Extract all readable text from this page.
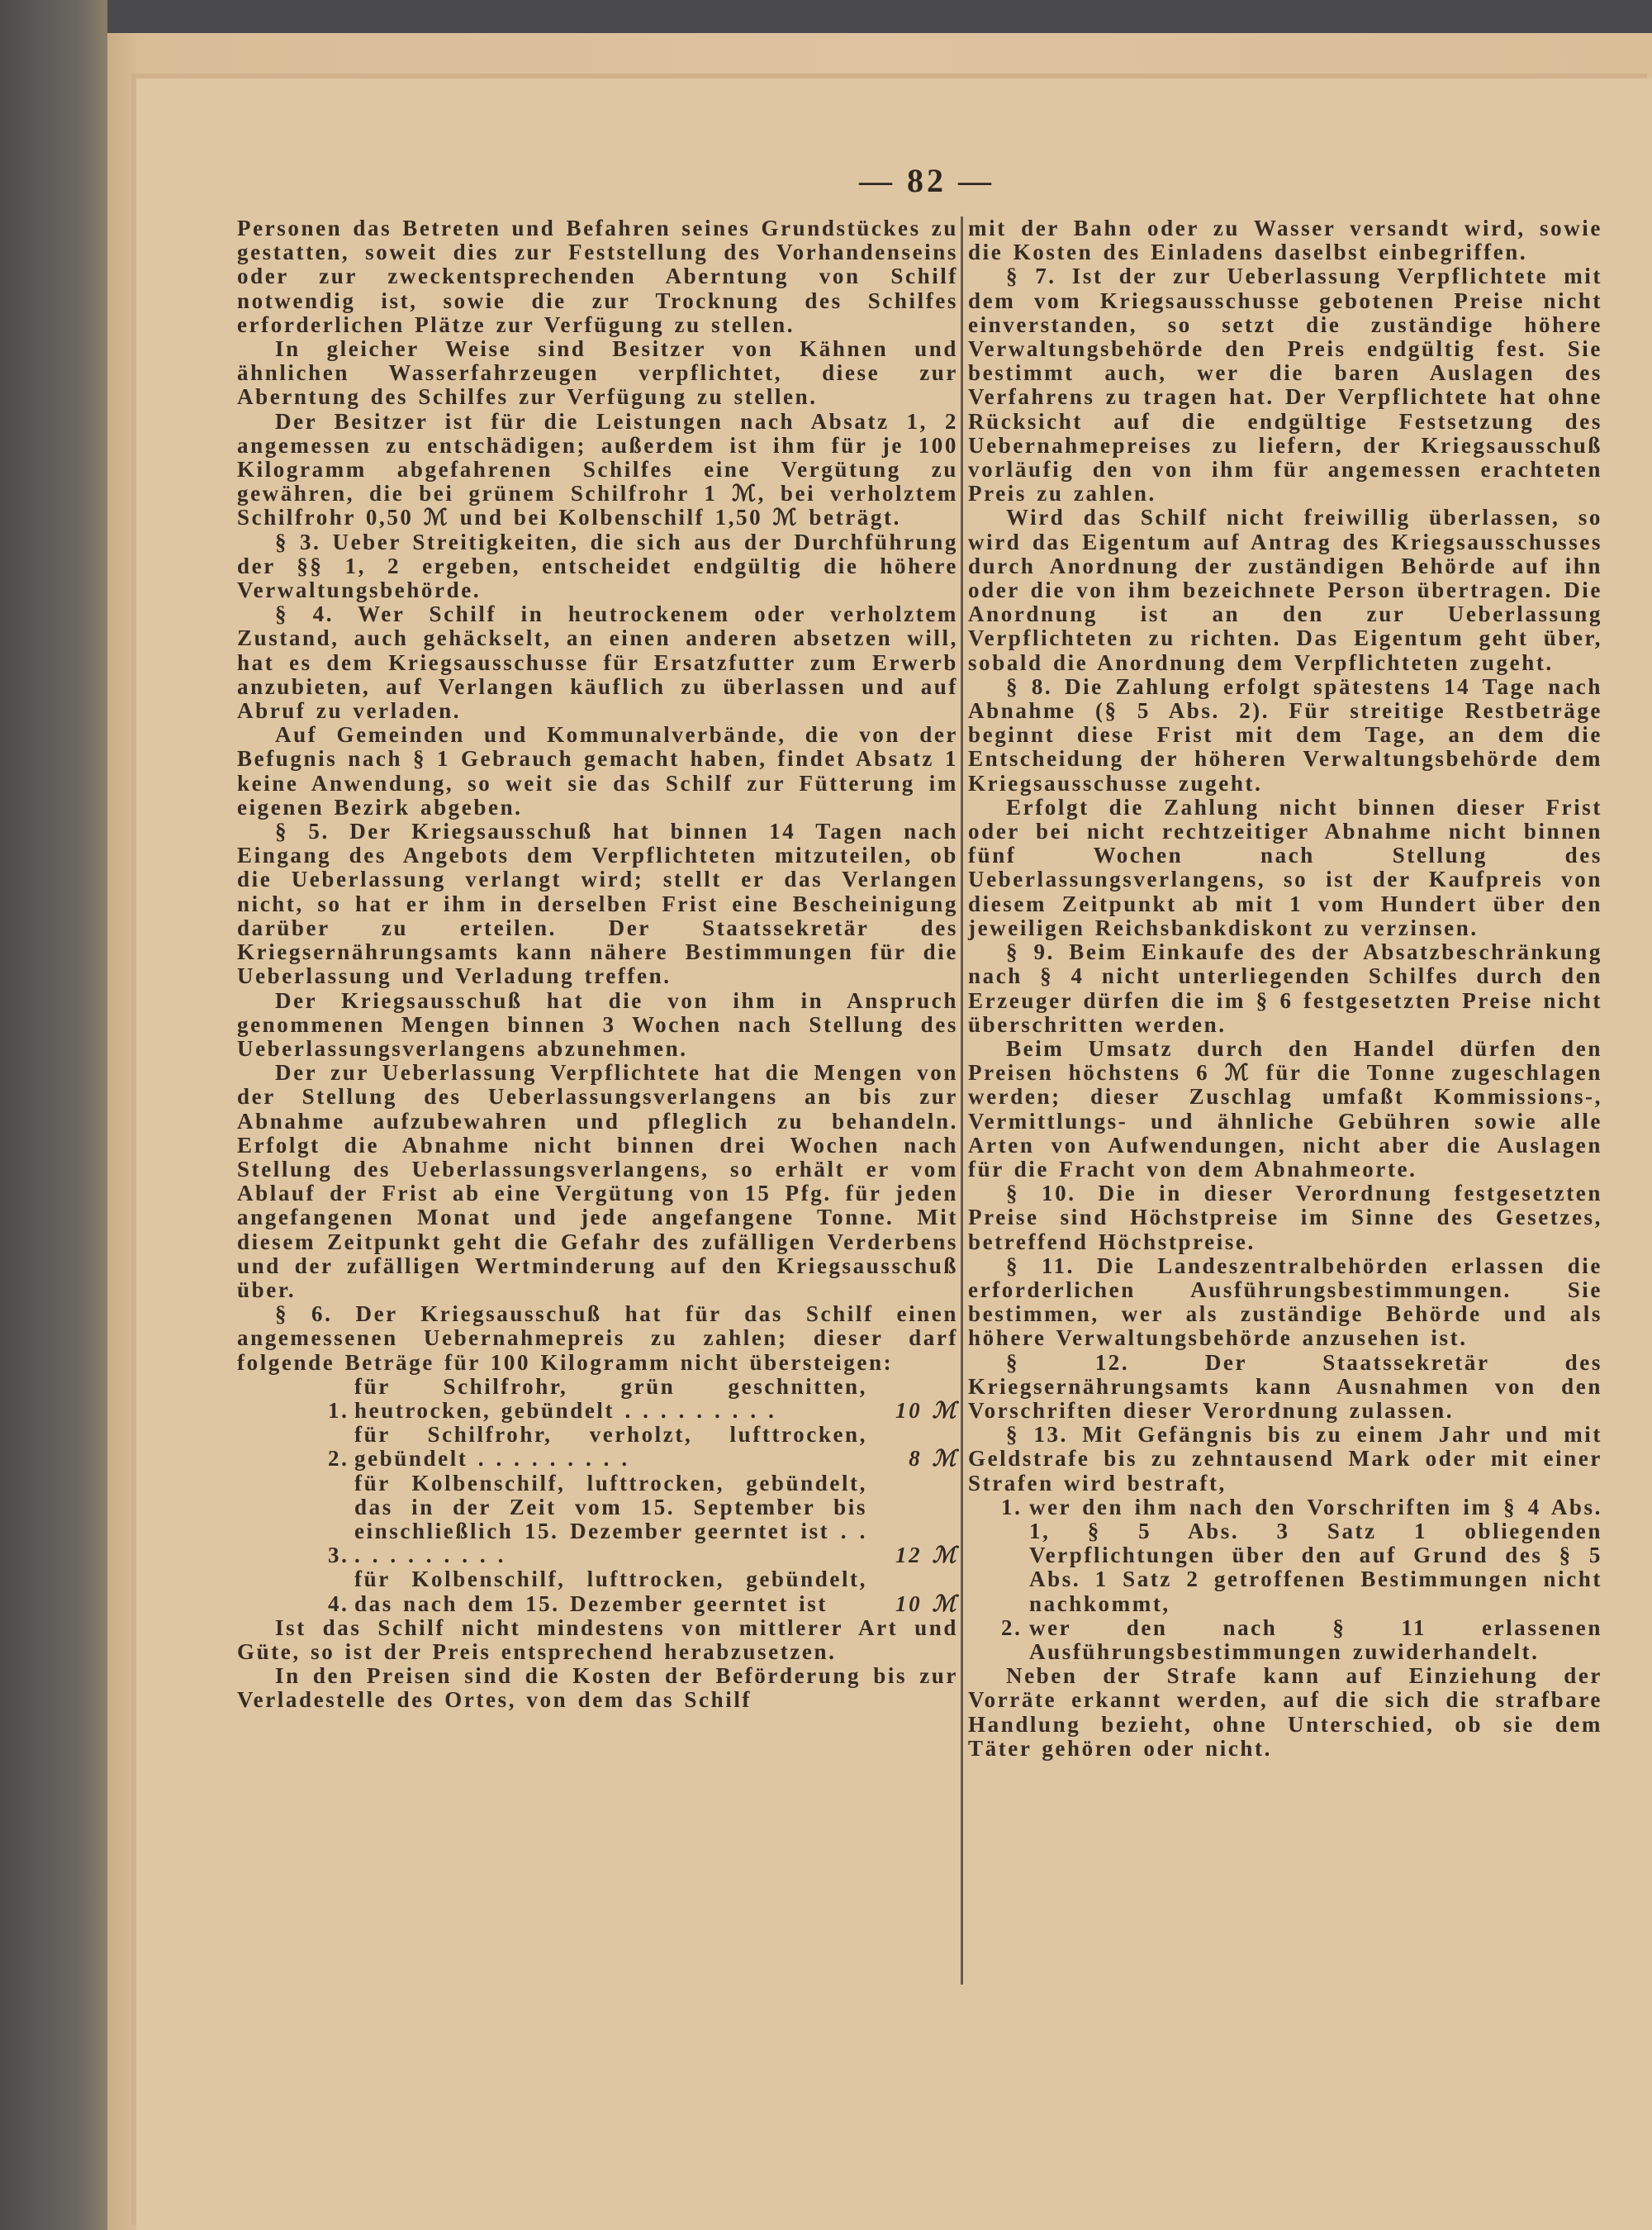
— 82 —

Personen das Betreten und Befahren seines Grundstückes zu gestatten, soweit dies zur Feststellung des Vorhandenseins oder zur zweckentsprechenden Aberntung von Schilf notwendig ist, sowie die zur Trocknung des Schilfes erforderlichen Plätze zur Verfügung zu stellen.

In gleicher Weise sind Besitzer von Kähnen und ähnlichen Wasserfahrzeugen verpflichtet, diese zur Aberntung des Schilfes zur Verfügung zu stellen.

Der Besitzer ist für die Leistungen nach Absatz 1, 2 angemessen zu entschädigen; außerdem ist ihm für je 100 Kilogramm abgefahrenen Schilfes eine Vergütung zu gewähren, die bei grünem Schilfrohr 1 ℳ, bei verholztem Schilfrohr 0,50 ℳ und bei Kolbenschilf 1,50 ℳ beträgt.

§ 3. Ueber Streitigkeiten, die sich aus der Durchführung der §§ 1, 2 ergeben, entscheidet endgültig die höhere Verwaltungsbehörde.

§ 4. Wer Schilf in heutrockenem oder verholztem Zustand, auch gehäckselt, an einen anderen absetzen will, hat es dem Kriegsausschusse für Ersatzfutter zum Erwerb anzubieten, auf Verlangen käuflich zu überlassen und auf Abruf zu verladen.

Auf Gemeinden und Kommunalverbände, die von der Befugnis nach § 1 Gebrauch gemacht haben, findet Absatz 1 keine Anwendung, so weit sie das Schilf zur Fütterung im eigenen Bezirk abgeben.

§ 5. Der Kriegsausschuß hat binnen 14 Tagen nach Eingang des Angebots dem Verpflichteten mitzuteilen, ob die Ueberlassung verlangt wird; stellt er das Verlangen nicht, so hat er ihm in derselben Frist eine Bescheinigung darüber zu erteilen. Der Staatssekretär des Kriegsernährungsamts kann nähere Bestimmungen für die Ueberlassung und Verladung treffen.

Der Kriegsausschuß hat die von ihm in Anspruch genommenen Mengen binnen 3 Wochen nach Stellung des Ueberlassungsverlangens abzunehmen.

Der zur Ueberlassung Verpflichtete hat die Mengen von der Stellung des Ueberlassungsverlangens an bis zur Abnahme aufzubewahren und pfleglich zu behandeln. Erfolgt die Abnahme nicht binnen drei Wochen nach Stellung des Ueberlassungsverlangens, so erhält er vom Ablauf der Frist ab eine Vergütung von 15 Pfg. für jeden angefangenen Monat und jede angefangene Tonne. Mit diesem Zeitpunkt geht die Gefahr des zufälligen Verderbens und der zufälligen Wertminderung auf den Kriegsausschuß über.

§ 6. Der Kriegsausschuß hat für das Schilf einen angemessenen Uebernahmepreis zu zahlen; dieser darf folgende Beträge für 100 Kilogramm nicht übersteigen:

1.
für Schilfrohr, grün geschnitten, heutrocken, gebündelt . . . . . . . . .	10 ℳ
2.
für Schilfrohr, verholzt, lufttrocken, gebündelt . . . . . . . . .	8 ℳ
3.
für Kolbenschilf, lufttrocken, gebündelt, das in der Zeit vom 15. September bis einschließlich 15. Dezember geerntet ist . . . . . . . . . . .	12 ℳ
4.
für Kolbenschilf, lufttrocken, gebündelt, das nach dem 15. Dezember geerntet ist	10 ℳ

Ist das Schilf nicht mindestens von mittlerer Art und Güte, so ist der Preis entsprechend herabzusetzen.

In den Preisen sind die Kosten der Beförderung bis zur Verladestelle des Ortes, von dem das Schilf

mit der Bahn oder zu Wasser versandt wird, sowie die Kosten des Einladens daselbst einbegriffen.

§ 7. Ist der zur Ueberlassung Verpflichtete mit dem vom Kriegsausschusse gebotenen Preise nicht einverstanden, so setzt die zuständige höhere Verwaltungsbehörde den Preis endgültig fest. Sie bestimmt auch, wer die baren Auslagen des Verfahrens zu tragen hat. Der Verpflichtete hat ohne Rücksicht auf die endgültige Festsetzung des Uebernahmepreises zu liefern, der Kriegsausschuß vorläufig den von ihm für angemessen erachteten Preis zu zahlen.

Wird das Schilf nicht freiwillig überlassen, so wird das Eigentum auf Antrag des Kriegsausschusses durch Anordnung der zuständigen Behörde auf ihn oder die von ihm bezeichnete Person übertragen. Die Anordnung ist an den zur Ueberlassung Verpflichteten zu richten. Das Eigentum geht über, sobald die Anordnung dem Verpflichteten zugeht.

§ 8. Die Zahlung erfolgt spätestens 14 Tage nach Abnahme (§ 5 Abs. 2). Für streitige Restbeträge beginnt diese Frist mit dem Tage, an dem die Entscheidung der höheren Verwaltungsbehörde dem Kriegsausschusse zugeht.

Erfolgt die Zahlung nicht binnen dieser Frist oder bei nicht rechtzeitiger Abnahme nicht binnen fünf Wochen nach Stellung des Ueberlassungsverlangens, so ist der Kaufpreis von diesem Zeitpunkt ab mit 1 vom Hundert über den jeweiligen Reichsbankdiskont zu verzinsen.

§ 9. Beim Einkaufe des der Absatzbeschränkung nach § 4 nicht unterliegenden Schilfes durch den Erzeuger dürfen die im § 6 festgesetzten Preise nicht überschritten werden.

Beim Umsatz durch den Handel dürfen den Preisen höchstens 6 ℳ für die Tonne zugeschlagen werden; dieser Zuschlag umfaßt Kommissions-, Vermittlungs- und ähnliche Gebühren sowie alle Arten von Aufwendungen, nicht aber die Auslagen für die Fracht von dem Abnahmeorte.

§ 10. Die in dieser Verordnung festgesetzten Preise sind Höchstpreise im Sinne des Gesetzes, betreffend Höchstpreise.

§ 11. Die Landeszentralbehörden erlassen die erforderlichen Ausführungsbestimmungen. Sie bestimmen, wer als zuständige Behörde und als höhere Verwaltungsbehörde anzusehen ist.

§ 12. Der Staatssekretär des Kriegsernährungsamts kann Ausnahmen von den Vorschriften dieser Verordnung zulassen.

§ 13. Mit Gefängnis bis zu einem Jahr und mit Geldstrafe bis zu zehntausend Mark oder mit einer Strafen wird bestraft,

1. wer den ihm nach den Vorschriften im § 4 Abs. 1, § 5 Abs. 3 Satz 1 obliegenden Verpflichtungen über den auf Grund des § 5 Abs. 1 Satz 2 getroffenen Bestimmungen nicht nachkommt,
2. wer den nach § 11 erlassenen Ausführungsbestimmungen zuwiderhandelt.

Neben der Strafe kann auf Einziehung der Vorräte erkannt werden, auf die sich die strafbare Handlung bezieht, ohne Unterschied, ob sie dem Täter gehören oder nicht.
